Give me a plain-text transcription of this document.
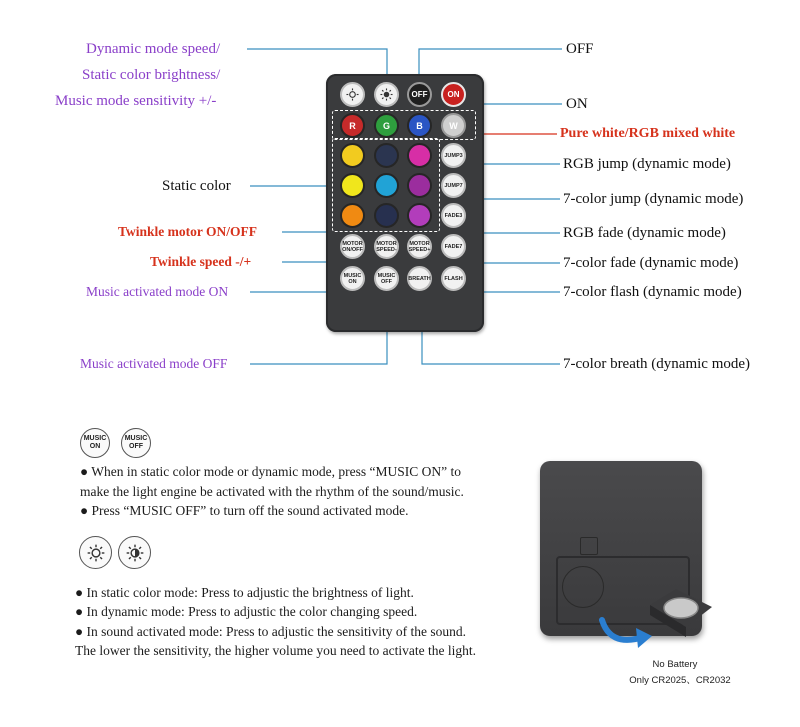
Dynamic mode speed/
Static color brightness/
Music mode sensitivity +/-
Static color
Twinkle motor ON/OFF
Twinkle speed -/+
Music activated mode ON
Music activated mode OFF
OFF
ON
Pure white/RGB mixed white
RGB jump (dynamic mode)
7-color jump (dynamic mode)
RGB fade (dynamic mode)
7-color fade (dynamic mode)
7-color flash (dynamic mode)
7-color breath (dynamic mode)
OFF	ON
R	G	B	W
JUMP3
JUMP7
FADE3
MOTOR ON/OFF
MOTOR SPEED-
MOTOR SPEED+	FADE7
MUSIC ON
MUSIC OFF	BREATH	FLASH
MUSIC ON
MUSIC OFF
● When in static color mode or dynamic mode, press “MUSIC ON” to
make the light engine be activated with the rhythm of the sound/music.
● Press “MUSIC OFF” to turn off the sound activated mode.
● In static color mode: Press to adjustic the brightness of light.
● In dynamic mode: Press to adjustic the color changing speed.
● In sound activated mode: Press to adjustic the sensitivity of the sound.
The lower the sensitivity, the higher volume you need to activate the light.
No Battery
Only CR2025、CR2032
